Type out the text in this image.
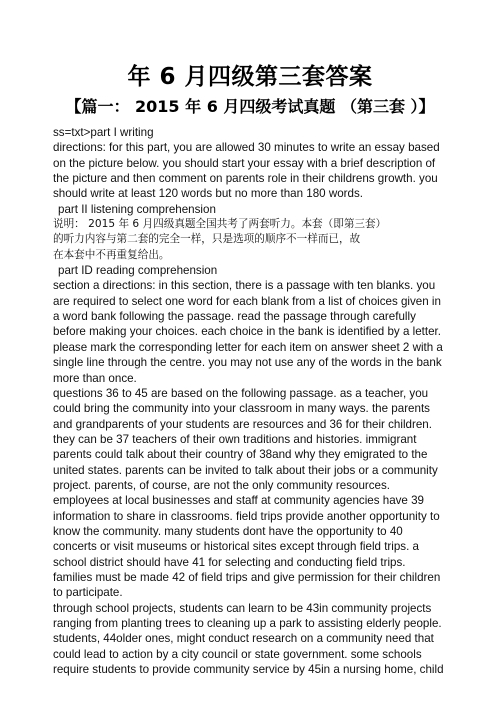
年 6 月四级第三套答案
【篇一： 2015 年 6 月四级考试真题 （第三套 ）】
ss=txt>part I writing
directions: for this part, you are allowed 30 minutes to write an essay based
on the picture below. you should start your essay with a brief description of
the picture and then comment on parents role in their childrens growth. you
should write at least 120 words but no more than 180 words.
part II listening comprehension
说明： 2015 年 6 月四级真题全国共考了两套听力。本套（即第三套）
的听力内容与第二套的完全一样，只是选项的顺序不一样而已，故
在本套中不再重复给出。
part ID reading comprehension
section a directions: in this section, there is a passage with ten blanks. you
are required to select one word for each blank from a list of choices given in
a word bank following the passage. read the passage through carefully
before making your choices. each choice in the bank is identified by a letter.
please mark the corresponding letter for each item on answer sheet 2 with a
single line through the centre. you may not use any of the words in the bank
more than once.
questions 36 to 45 are based on the following passage. as a teacher, you
could bring the community into your classroom in many ways. the parents
and grandparents of your students are resources and 36 for their children.
they can be 37 teachers of their own traditions and histories. immigrant
parents could talk about their country of 38and why they emigrated to the
united states. parents can be invited to talk about their jobs or a community
project. parents, of course, are not the only community resources.
employees at local businesses and staff at community agencies have 39
information to share in classrooms. field trips provide another opportunity to
know the community. many students dont have the opportunity to 40
concerts or visit museums or historical sites except through field trips. a
school district should have 41 for selecting and conducting field trips.
families must be made 42 of field trips and give permission for their children
to participate.
through school projects, students can learn to be 43in community projects
ranging from planting trees to cleaning up a park to assisting elderly people.
students, 44older ones, might conduct research on a community need that
could lead to action by a city council or state government. some schools
require students to provide community service by 45in a nursing home, child
